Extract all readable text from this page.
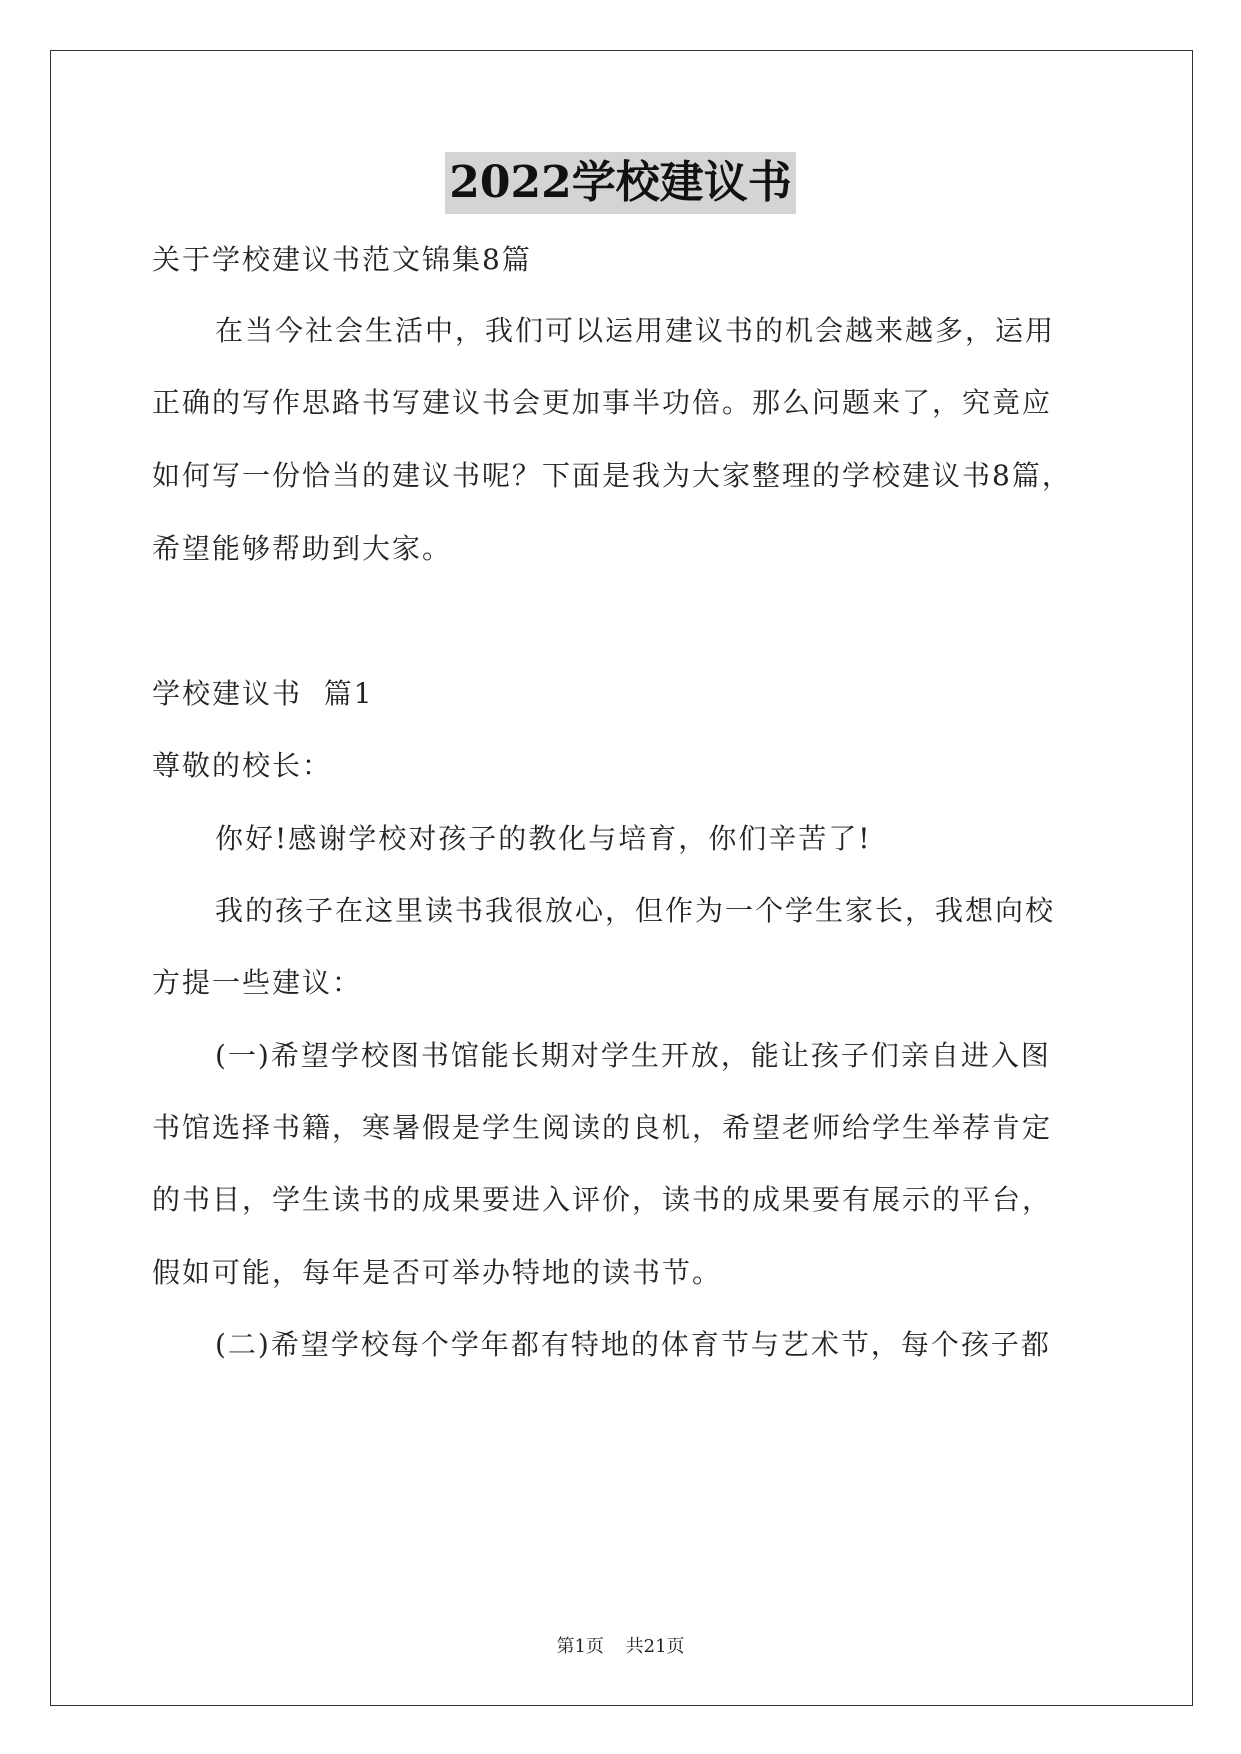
2022学校建议书
关于学校建议书范文锦集8篇
在当今社会生活中，我们可以运用建议书的机会越来越多，运用
正确的写作思路书写建议书会更加事半功倍。那么问题来了，究竟应
如何写一份恰当的建议书呢？下面是我为大家整理的学校建议书8篇，
希望能够帮助到大家。
学校建议书  篇1
尊敬的校长：
你好!感谢学校对孩子的教化与培育，你们辛苦了!
我的孩子在这里读书我很放心，但作为一个学生家长，我想向校
方提一些建议：
(一)希望学校图书馆能长期对学生开放，能让孩子们亲自进入图
书馆选择书籍，寒暑假是学生阅读的良机，希望老师给学生举荐肯定
的书目，学生读书的成果要进入评价，读书的成果要有展示的平台，
假如可能，每年是否可举办特地的读书节。
(二)希望学校每个学年都有特地的体育节与艺术节，每个孩子都
第1页 共21页
